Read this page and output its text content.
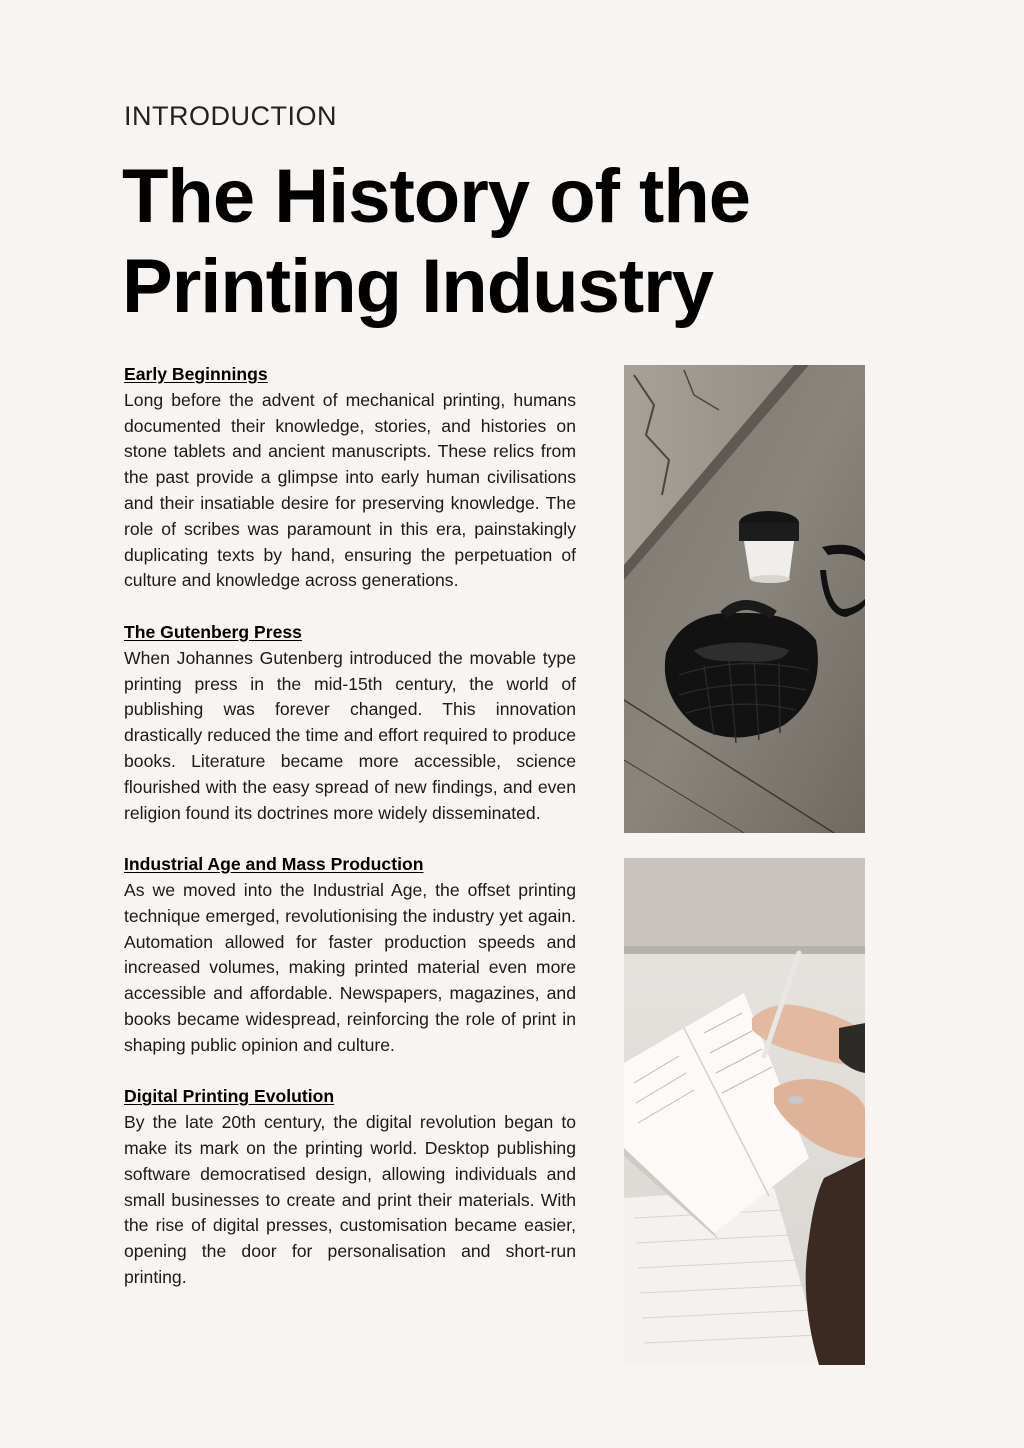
INTRODUCTION
The History of the Printing Industry
Early Beginnings

Long before the advent of mechanical printing, humans documented their knowledge, stories, and histories on stone tablets and ancient manuscripts. These relics from the past provide a glimpse into early human civilisations and their insatiable desire for preserving knowledge. The role of scribes was paramount in this era, painstakingly duplicating texts by hand, ensuring the perpetuation of culture and knowledge across generations.

The Gutenberg Press

When Johannes Gutenberg introduced the movable type printing press in the mid-15th century, the world of publishing was forever changed. This innovation drastically reduced the time and effort required to produce books. Literature became more accessible, science flourished with the easy spread of new findings, and even religion found its doctrines more widely disseminated.

Industrial Age and Mass Production

As we moved into the Industrial Age, the offset printing technique emerged, revolutionising the industry yet again. Automation allowed for faster production speeds and increased volumes, making printed material even more accessible and affordable. Newspapers, magazines, and books became widespread, reinforcing the role of print in shaping public opinion and culture.

Digital Printing Evolution

By the late 20th century, the digital revolution began to make its mark on the printing world. Desktop publishing software democratised design, allowing individuals and small businesses to create and print their materials. With the rise of digital presses, customisation became easier, opening the door for personalisation and short-run printing.
